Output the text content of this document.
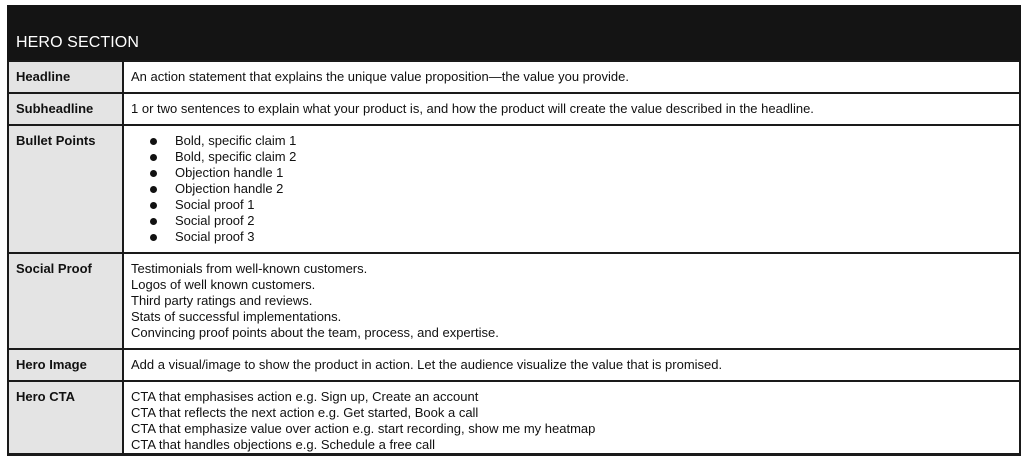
HERO SECTION
Headline	An action statement that explains the unique value proposition—the value you provide.
Subheadline	1 or two sentences to explain what your product is, and how the product will create the value described in the headline.
Bullet Points	Bold, specific claim 1
Bold, specific claim 2
Objection handle 1
Objection handle 2
Social proof 1
Social proof 2
Social proof 3
Social Proof	Testimonials from well-known customers.
Logos of well known customers.
Third party ratings and reviews.
Stats of successful implementations.
Convincing proof points about the team, process, and expertise.
Hero Image	Add a visual/image to show the product in action. Let the audience visualize the value that is promised.
Hero CTA	CTA that emphasises action e.g. Sign up, Create an account
CTA that reflects the next action e.g. Get started, Book a call
CTA that emphasize value over action e.g. start recording, show me my heatmap
CTA that handles objections e.g. Schedule a free call
